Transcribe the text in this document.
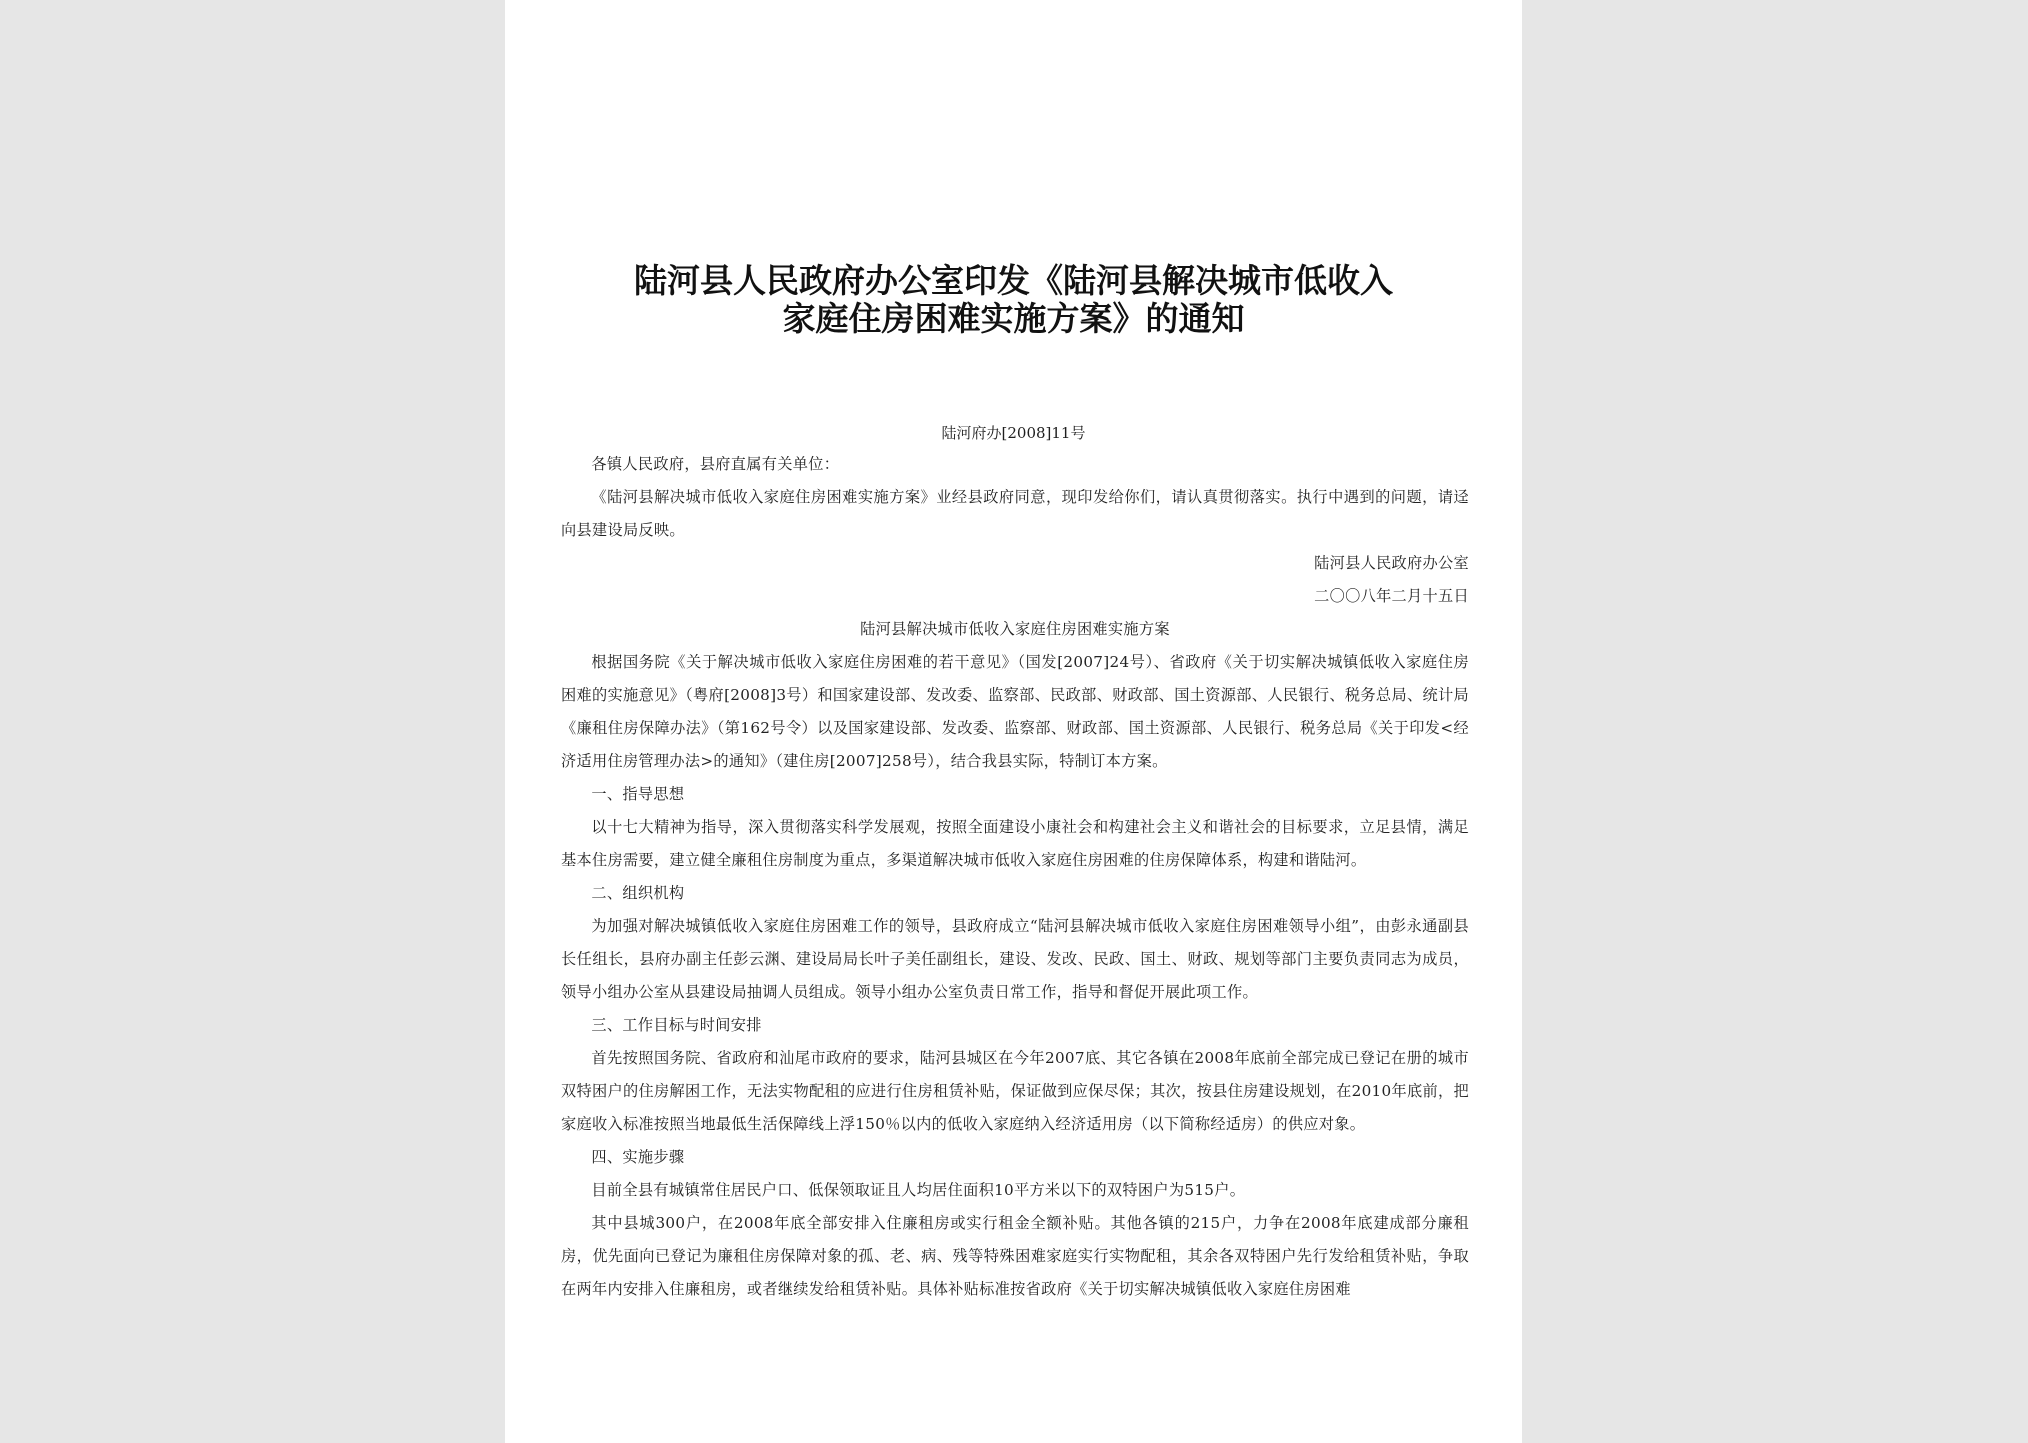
陆河县人民政府办公室印发《陆河县解决城市低收入
家庭住房困难实施方案》的通知
陆河府办[2008]11号

各镇人民政府，县府直属有关单位：

《陆河县解决城市低收入家庭住房困难实施方案》业经县政府同意，现印发给你们，请认真贯彻落实。执行中遇到的问题，请迳向县建设局反映。

陆河县人民政府办公室

二〇〇八年二月十五日

陆河县解决城市低收入家庭住房困难实施方案

根据国务院《关于解决城市低收入家庭住房困难的若干意见》（国发[2007]24号）、省政府《关于切实解决城镇低收入家庭住房困难的实施意见》（粤府[2008]3号）和国家建设部、发改委、监察部、民政部、财政部、国土资源部、人民银行、税务总局、统计局《廉租住房保障办法》（第162号令）以及国家建设部、发改委、监察部、财政部、国土资源部、人民银行、税务总局《关于印发<经济适用住房管理办法>的通知》（建住房[2007]258号），结合我县实际，特制订本方案。

一、指导思想

以十七大精神为指导，深入贯彻落实科学发展观，按照全面建设小康社会和构建社会主义和谐社会的目标要求，立足县情，满足基本住房需要，建立健全廉租住房制度为重点，多渠道解决城市低收入家庭住房困难的住房保障体系，构建和谐陆河。

二、组织机构

为加强对解决城镇低收入家庭住房困难工作的领导，县政府成立“陆河县解决城市低收入家庭住房困难领导小组”，由彭永通副县长任组长，县府办副主任彭云渊、建设局局长叶子美任副组长，建设、发改、民政、国土、财政、规划等部门主要负责同志为成员，领导小组办公室从县建设局抽调人员组成。领导小组办公室负责日常工作，指导和督促开展此项工作。

三、工作目标与时间安排

首先按照国务院、省政府和汕尾市政府的要求，陆河县城区在今年2007底、其它各镇在2008年底前全部完成已登记在册的城市双特困户的住房解困工作，无法实物配租的应进行住房租赁补贴，保证做到应保尽保；其次，按县住房建设规划，在2010年底前，把家庭收入标准按照当地最低生活保障线上浮150％以内的低收入家庭纳入经济适用房（以下简称经适房）的供应对象。

四、实施步骤

目前全县有城镇常住居民户口、低保领取证且人均居住面积10平方米以下的双特困户为515户。

其中县城300户，在2008年底全部安排入住廉租房或实行租金全额补贴。其他各镇的215户，力争在2008年底建成部分廉租房，优先面向已登记为廉租住房保障对象的孤、老、病、残等特殊困难家庭实行实物配租，其余各双特困户先行发给租赁补贴，争取在两年内安排入住廉租房，或者继续发给租赁补贴。具体补贴标准按省政府《关于切实解决城镇低收入家庭住房困难
